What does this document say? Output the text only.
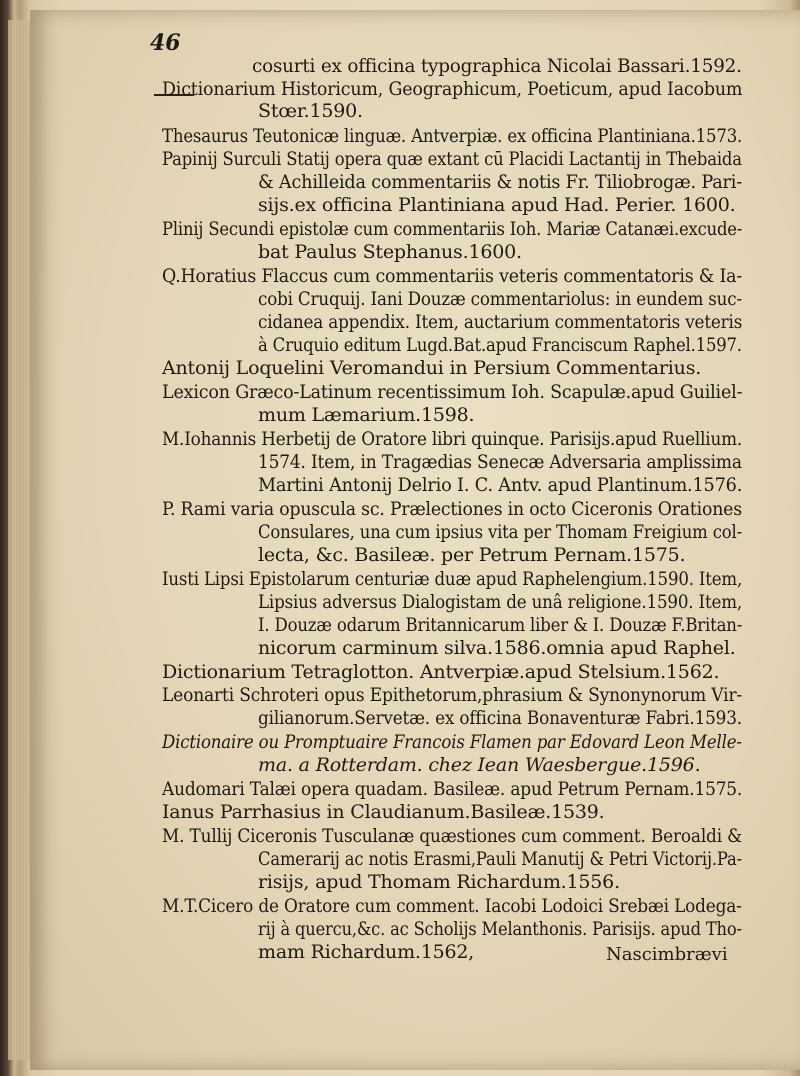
46
cosurti ex officina typographica Nicolai Bassari.1592.
Dictionarium Historicum, Geographicum, Poeticum, apud Iacobum
Stœr.1590.
Thesaurus Teutonicæ linguæ. Antverpiæ. ex officina Plantiniana.1573.
Papinij Surculi Statij opera quæ extant cū Placidi Lactantij in Thebaida
& Achilleida commentariis & notis Fr. Tiliobrogæ. Pari-
sijs.ex officina Plantiniana apud Had. Perier. 1600.
Plinij Secundi epistolæ cum commentariis Ioh. Mariæ Catanæi.excude-
bat Paulus Stephanus.1600.
Q.Horatius Flaccus cum commentariis veteris commentatoris & Ia-
cobi Cruquij. Iani Douzæ commentariolus: in eundem suc-
cidanea appendix. Item, auctarium commentatoris veteris
à Cruquio editum Lugd.Bat.apud Franciscum Raphel.1597.
Antonij Loquelini Veromandui in Persium Commentarius.
Lexicon Græco-Latinum recentissimum Ioh. Scapulæ.apud Guiliel-
mum Læmarium.1598.
M.Iohannis Herbetij de Oratore libri quinque. Parisijs.apud Ruellium.
1574. Item, in Tragædias Senecæ Adversaria amplissima
Martini Antonij Delrio I. C. Antv. apud Plantinum.1576.
P. Rami varia opuscula sc. Prælectiones in octo Ciceronis Orationes
Consulares, una cum ipsius vita per Thomam Freigium col-
lecta, &c. Basileæ. per Petrum Pernam.1575.
Iusti Lipsi Epistolarum centuriæ duæ apud Raphelengium.1590. Item,
Lipsius adversus Dialogistam de unâ religione.1590. Item,
I. Douzæ odarum Britannicarum liber & I. Douzæ F.Britan-
nicorum carminum silva.1586.omnia apud Raphel.
Dictionarium Tetraglotton. Antverpiæ.apud Stelsium.1562.
Leonarti Schroteri opus Epithetorum,phrasium & Synonynorum Vir-
gilianorum.Servetæ. ex officina Bonaventuræ Fabri.1593.
Dictionaire ou Promptuaire Francois Flamen par Edovard Leon Melle-
ma. a Rotterdam. chez Iean Waesbergue.1596.
Audomari Talæi opera quadam. Basileæ. apud Petrum Pernam.1575.
Ianus Parrhasius in Claudianum.Basileæ.1539.
M. Tullij Ciceronis Tusculanæ quæstiones cum comment. Beroaldi &
Camerarij ac notis Erasmi,Pauli Manutij & Petri Victorij.Pa-
risijs, apud Thomam Richardum.1556.
M.T.Cicero de Oratore cum comment. Iacobi Lodoici Srebæi Lodega-
rij à quercu,&c. ac Scholijs Melanthonis. Parisijs. apud Tho-
mam Richardum.1562,	Nascimbrævi
